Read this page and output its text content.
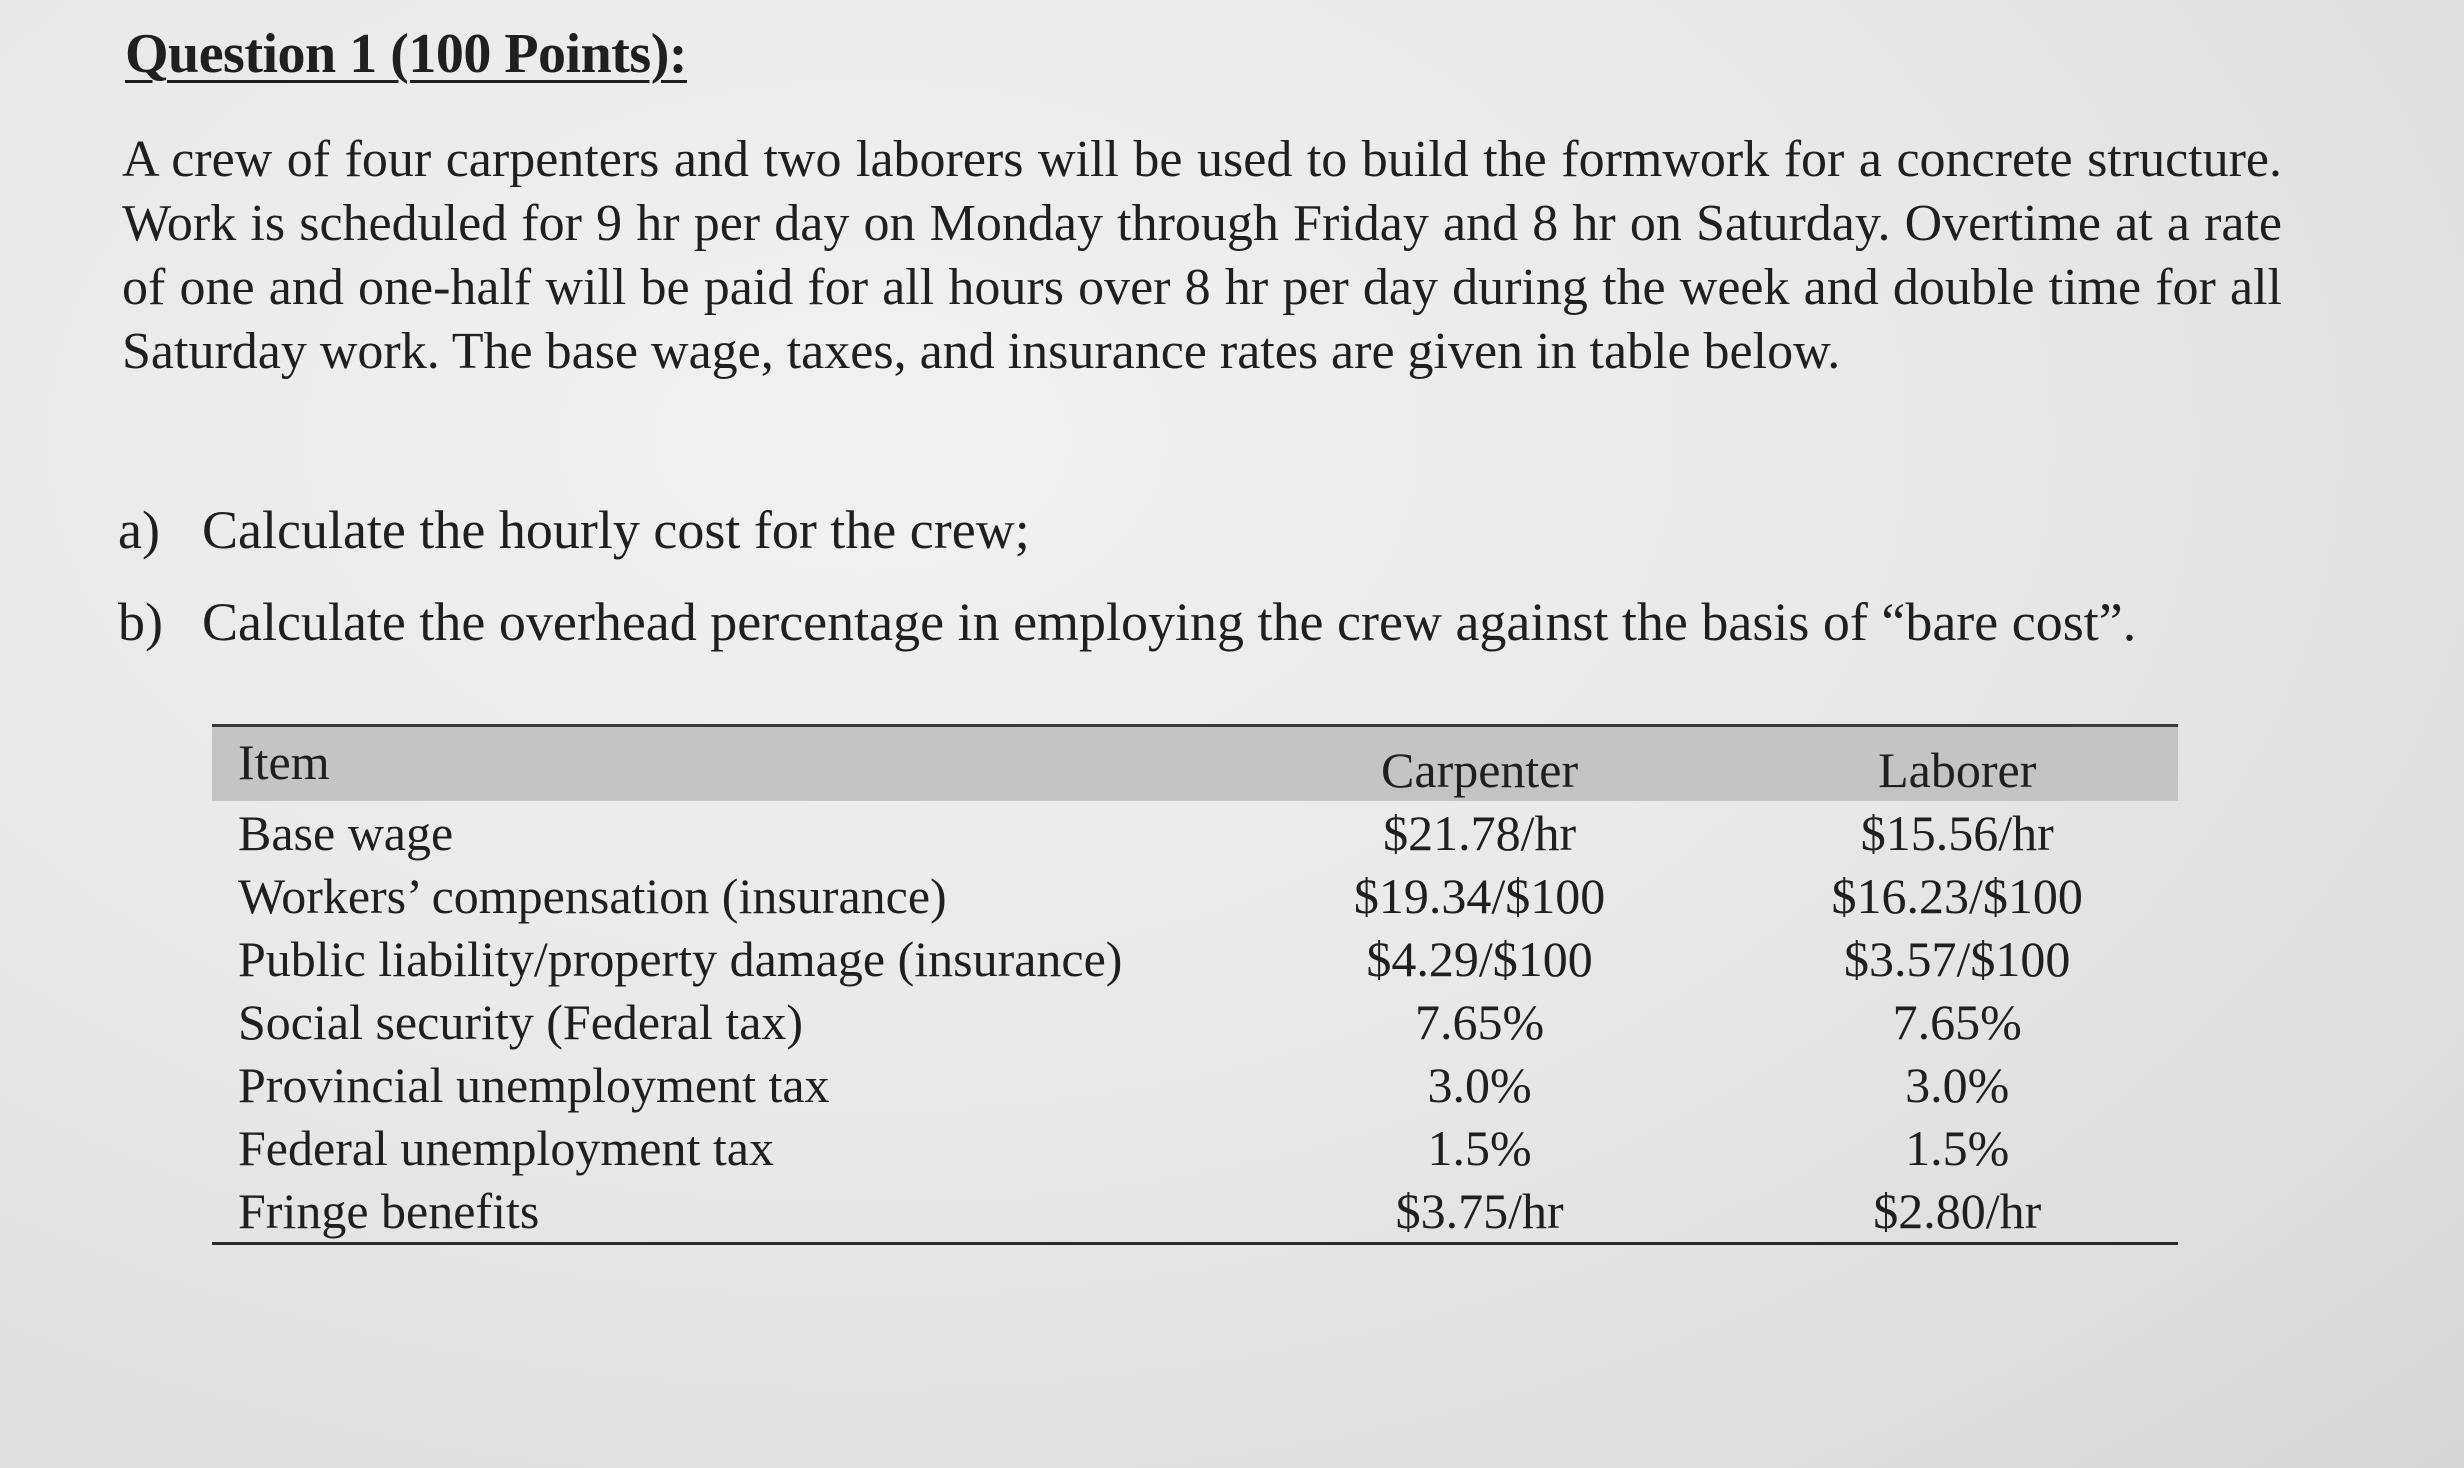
Question 1 (100 Points):

A crew of four carpenters and two laborers will be used to build the formwork for a concrete structure. Work is scheduled for 9 hr per day on Monday through Friday and 8 hr on Saturday. Overtime at a rate of one and one-half will be paid for all hours over 8 hr per day during the week and double time for all Saturday work. The base wage, taxes, and insurance rates are given in table below.

a) Calculate the hourly cost for the crew;
b) Calculate the overhead percentage in employing the crew against the basis of “bare cost”.
Item	Carpenter	Laborer
Base wage	$21.78/hr	$15.56/hr
Workers’ compensation (insurance)	$19.34/$100	$16.23/$100
Public liability/property damage (insurance)	$4.29/$100	$3.57/$100
Social security (Federal tax)	7.65%	7.65%
Provincial unemployment tax	3.0%	3.0%
Federal unemployment tax	1.5%	1.5%
Fringe benefits	$3.75/hr	$2.80/hr
